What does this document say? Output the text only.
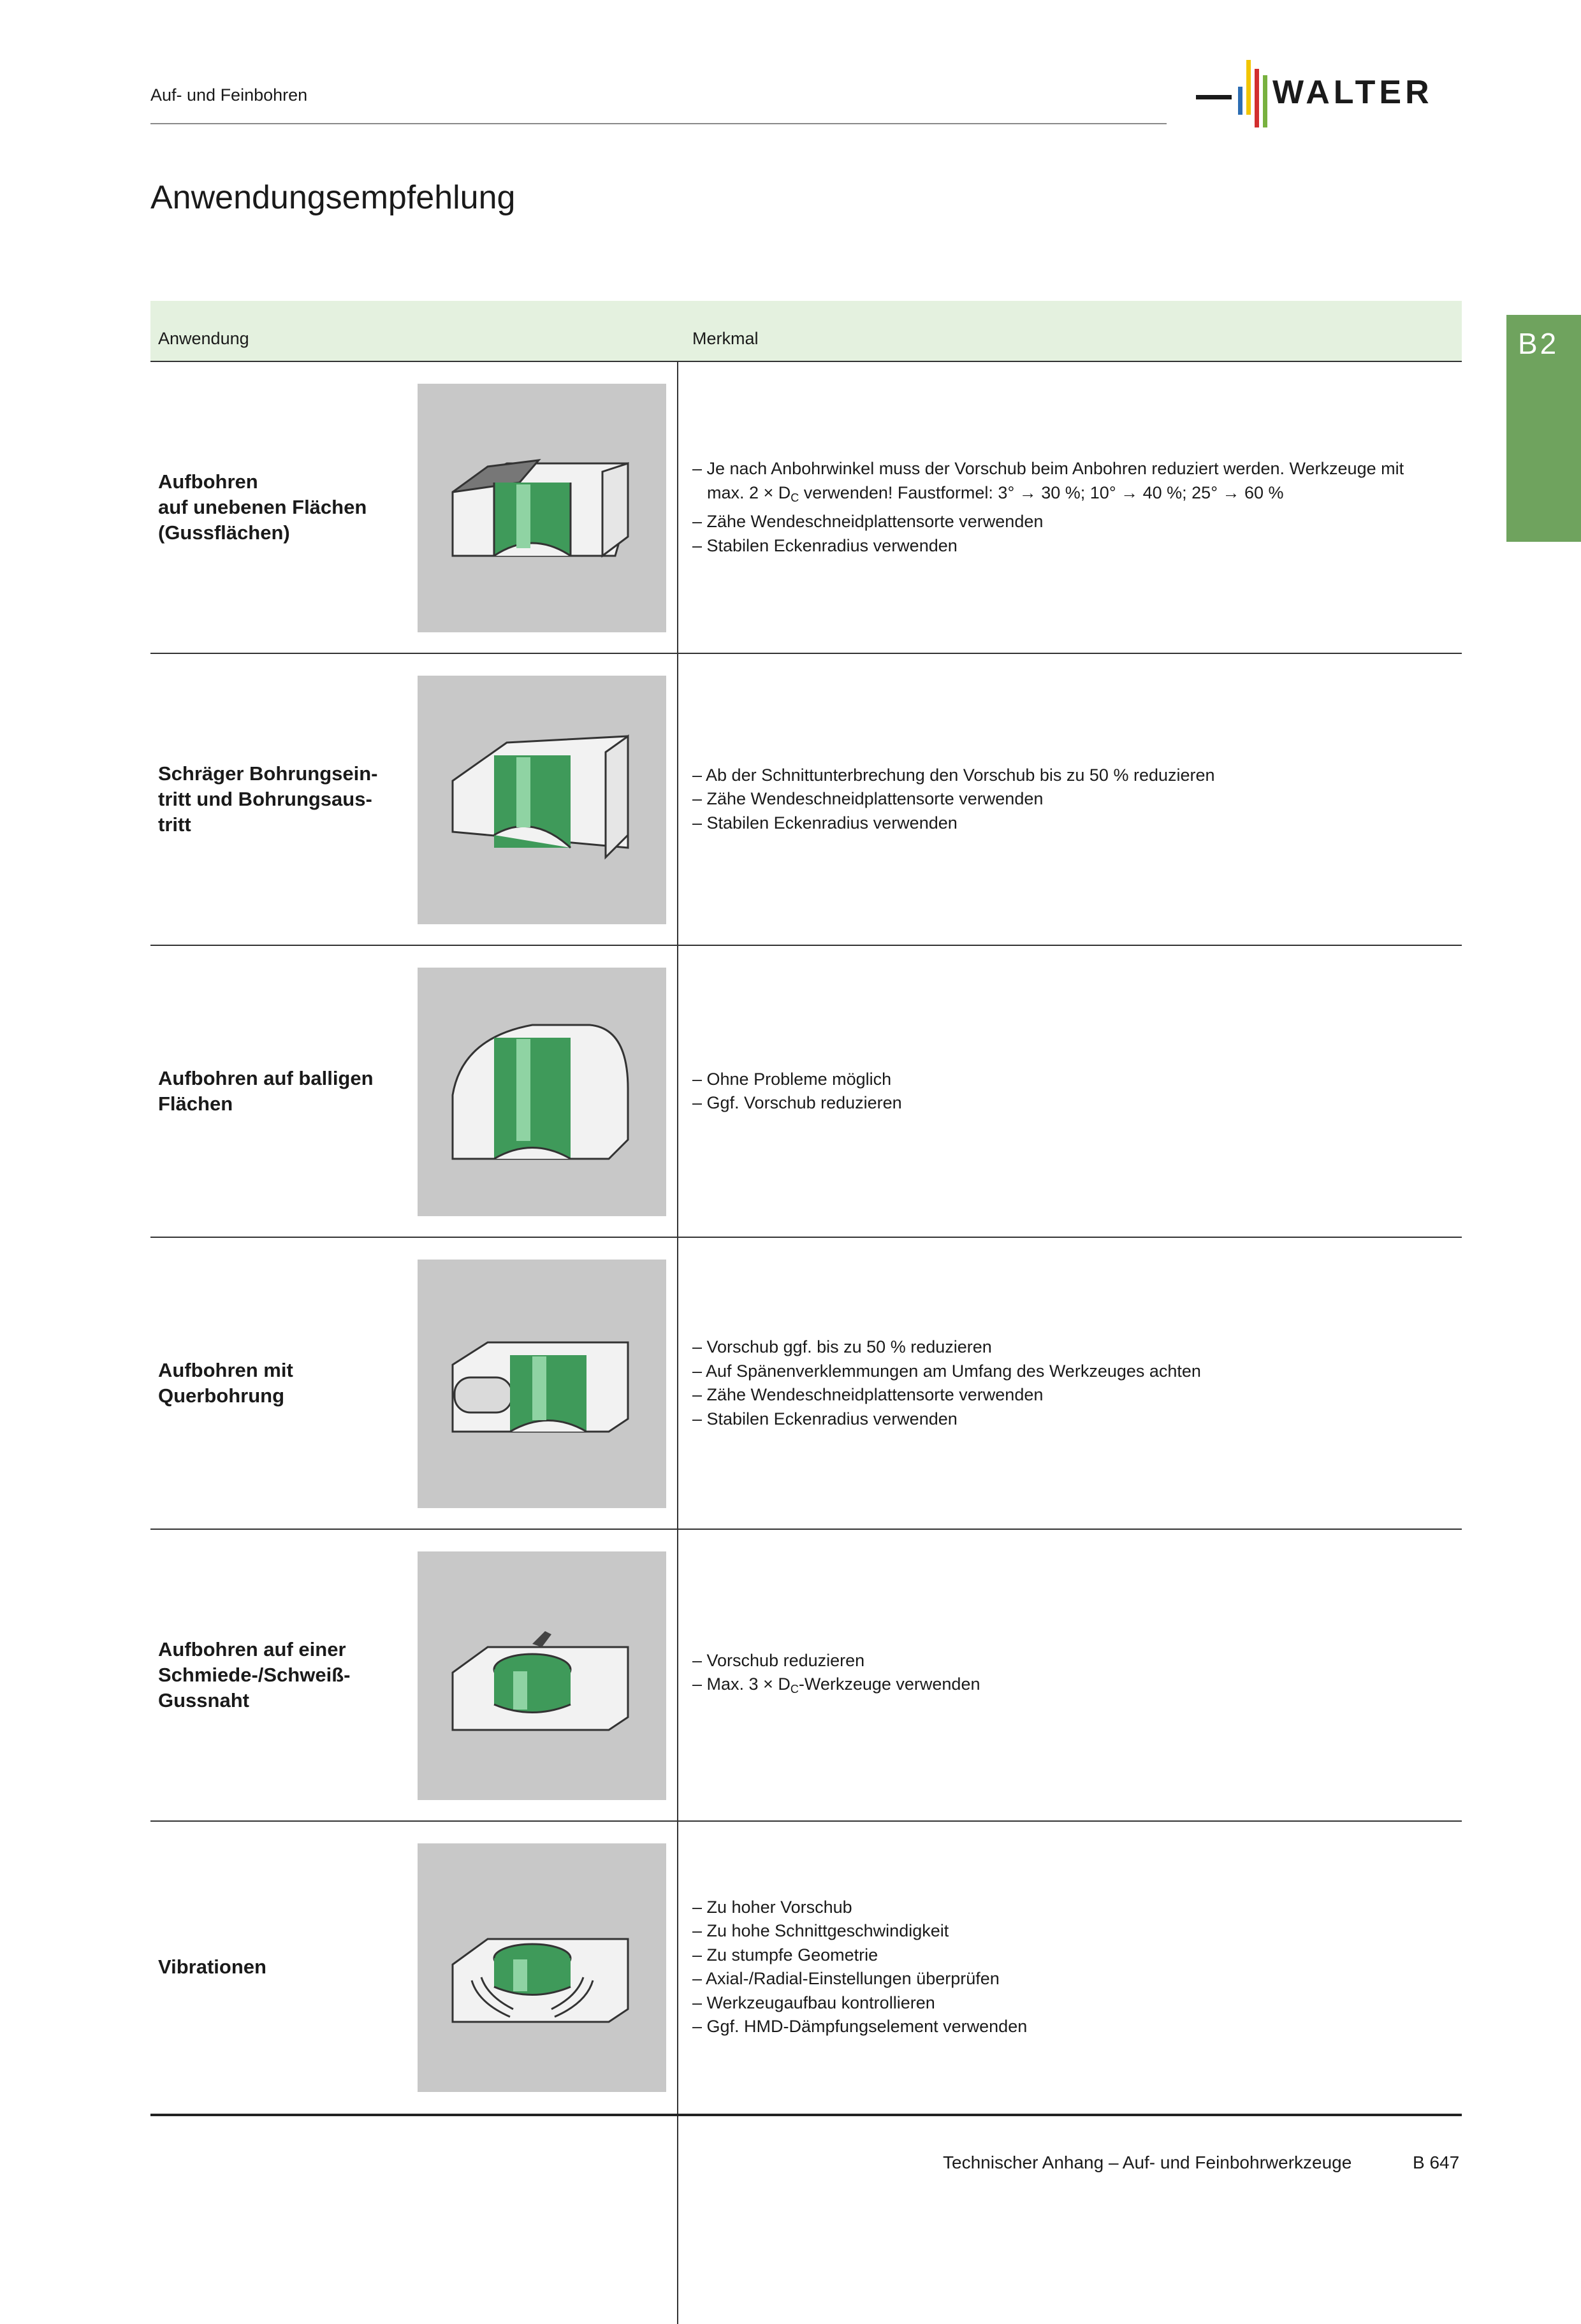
Auf- und Feinbohren	WALTER
Anwendungsempfehlung
B2
Anwendung	Merkmal
Aufbohren
auf unebenen Flächen
(Gussflächen)
– Je nach Anbohrwinkel muss der Vorschub beim Anbohren reduziert werden. Werkzeuge mit
max. $2 \times D_C$ verwenden! Faustformel: 3° → 30 %; 10° → 40 %; 25° → 60 %
– Zähe Wendeschneidplattensorte verwenden
– Stabilen Eckenradius verwenden
Schräger Bohrungsein-
tritt und Bohrungsaus-
tritt
– Ab der Schnittunterbrechung den Vorschub bis zu 50 % reduzieren
– Zähe Wendeschneidplattensorte verwenden
– Stabilen Eckenradius verwenden
Aufbohren auf balligen
Flächen
– Ohne Probleme möglich
– Ggf. Vorschub reduzieren
Aufbohren mit
Querbohrung
– Vorschub ggf. bis zu 50 % reduzieren
– Auf Spänenverklemmungen am Umfang des Werkzeuges achten
– Zähe Wendeschneidplattensorte verwenden
– Stabilen Eckenradius verwenden
Aufbohren auf einer
Schmiede-/Schweiß-
Gussnaht
– Vorschub reduzieren
– Max. $3 \times D_C$-Werkzeuge verwenden
Vibrationen
– Zu hoher Vorschub
– Zu hohe Schnittgeschwindigkeit
– Zu stumpfe Geometrie
– Axial-/Radial-Einstellungen überprüfen
– Werkzeugaufbau kontrollieren
– Ggf. HMD-Dämpfungselement verwenden
Technischer Anhang – Auf- und Feinbohrwerkzeuge	B 647
